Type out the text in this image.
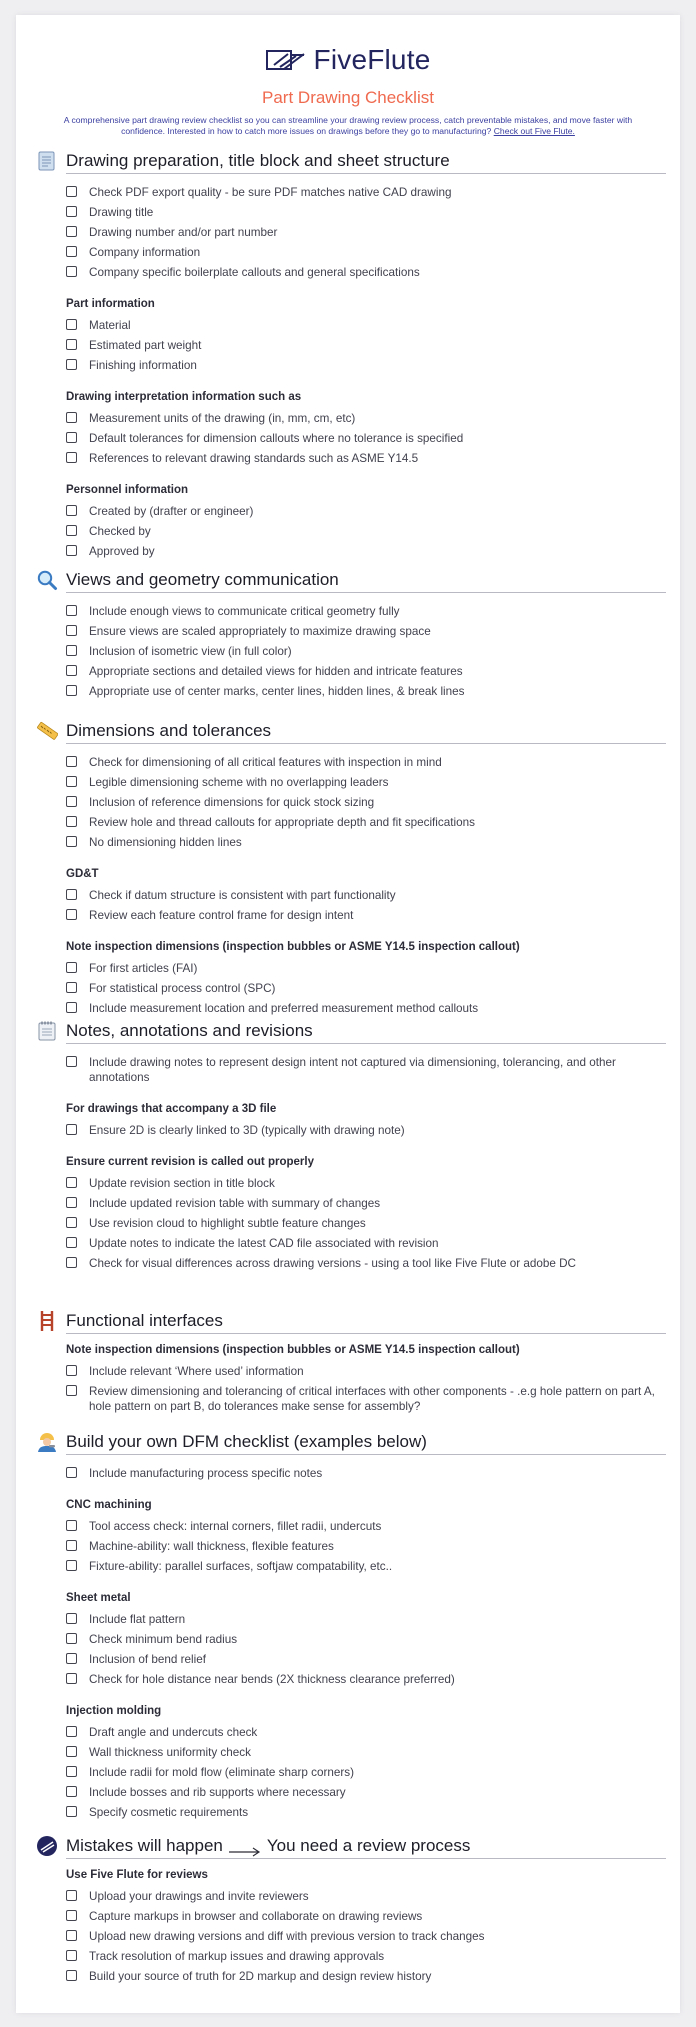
FiveFlute
Part Drawing Checklist
A comprehensive part drawing review checklist so you can streamline your drawing review process, catch preventable mistakes, and move faster with confidence. Interested in how to catch more issues on drawings before they go to manufacturing? Check out Five Flute.
Drawing preparation, title block and sheet structure
Check PDF export quality - be sure PDF matches native CAD drawing
Drawing title
Drawing number and/or part number
Company information
Company specific boilerplate callouts and general specifications
Part information
Material
Estimated part weight
Finishing information
Drawing interpretation information such as
Measurement units of the drawing (in, mm, cm, etc)
Default tolerances for dimension callouts where no tolerance is specified
References to relevant drawing standards such as ASME Y14.5
Personnel information
Created by (drafter or engineer)
Checked by
Approved by
Views and geometry communication
Include enough views to communicate critical geometry fully
Ensure views are scaled appropriately to maximize drawing space
Inclusion of isometric view (in full color)
Appropriate sections and detailed views for hidden and intricate features
Appropriate use of center marks, center lines, hidden lines, & break lines
Dimensions and tolerances
Check for dimensioning of all critical features with inspection in mind
Legible dimensioning scheme with no overlapping leaders
Inclusion of reference dimensions for quick stock sizing
Review hole and thread callouts for appropriate depth and fit specifications
No dimensioning hidden lines
GD&T
Check if datum structure is consistent with part functionality
Review each feature control frame for design intent
Note inspection dimensions (inspection bubbles or ASME Y14.5 inspection callout)
For first articles (FAI)
For statistical process control (SPC)
Include measurement location and preferred measurement method callouts
Notes, annotations and revisions
Include drawing notes to represent design intent not captured via dimensioning, tolerancing, and other annotations
For drawings that accompany a 3D file
Ensure 2D is clearly linked to 3D (typically with drawing note)
Ensure current revision is called out properly
Update revision section in title block
Include updated revision table with summary of changes
Use revision cloud to highlight subtle feature changes
Update notes to indicate the latest CAD file associated with revision
Check for visual differences across drawing versions - using a tool like Five Flute or adobe DC
Functional interfaces
Note inspection dimensions (inspection bubbles or ASME Y14.5 inspection callout)
Include relevant ‘Where used’ information
Review dimensioning and tolerancing of critical interfaces with other components - .e.g hole pattern on part A, hole pattern on part B, do tolerances make sense for assembly?
Build your own DFM checklist (examples below)
Include manufacturing process specific notes
CNC machining
Tool access check: internal corners, fillet radii, undercuts
Machine-ability: wall thickness, flexible features
Fixture-ability: parallel surfaces, softjaw compatability, etc..
Sheet metal
Include flat pattern
Check minimum bend radius
Inclusion of bend relief
Check for hole distance near bends (2X thickness clearance preferred)
Injection molding
Draft angle and undercuts check
Wall thickness uniformity check
Include radii for mold flow (eliminate sharp corners)
Include bosses and rib supports where necessary
Specify cosmetic requirements
Mistakes will happen	You need a review process
Use Five Flute for reviews
Upload your drawings and invite reviewers
Capture markups in browser and collaborate on drawing reviews
Upload new drawing versions and diff with previous version to track changes
Track resolution of markup issues and drawing approvals
Build your source of truth for 2D markup and design review history
